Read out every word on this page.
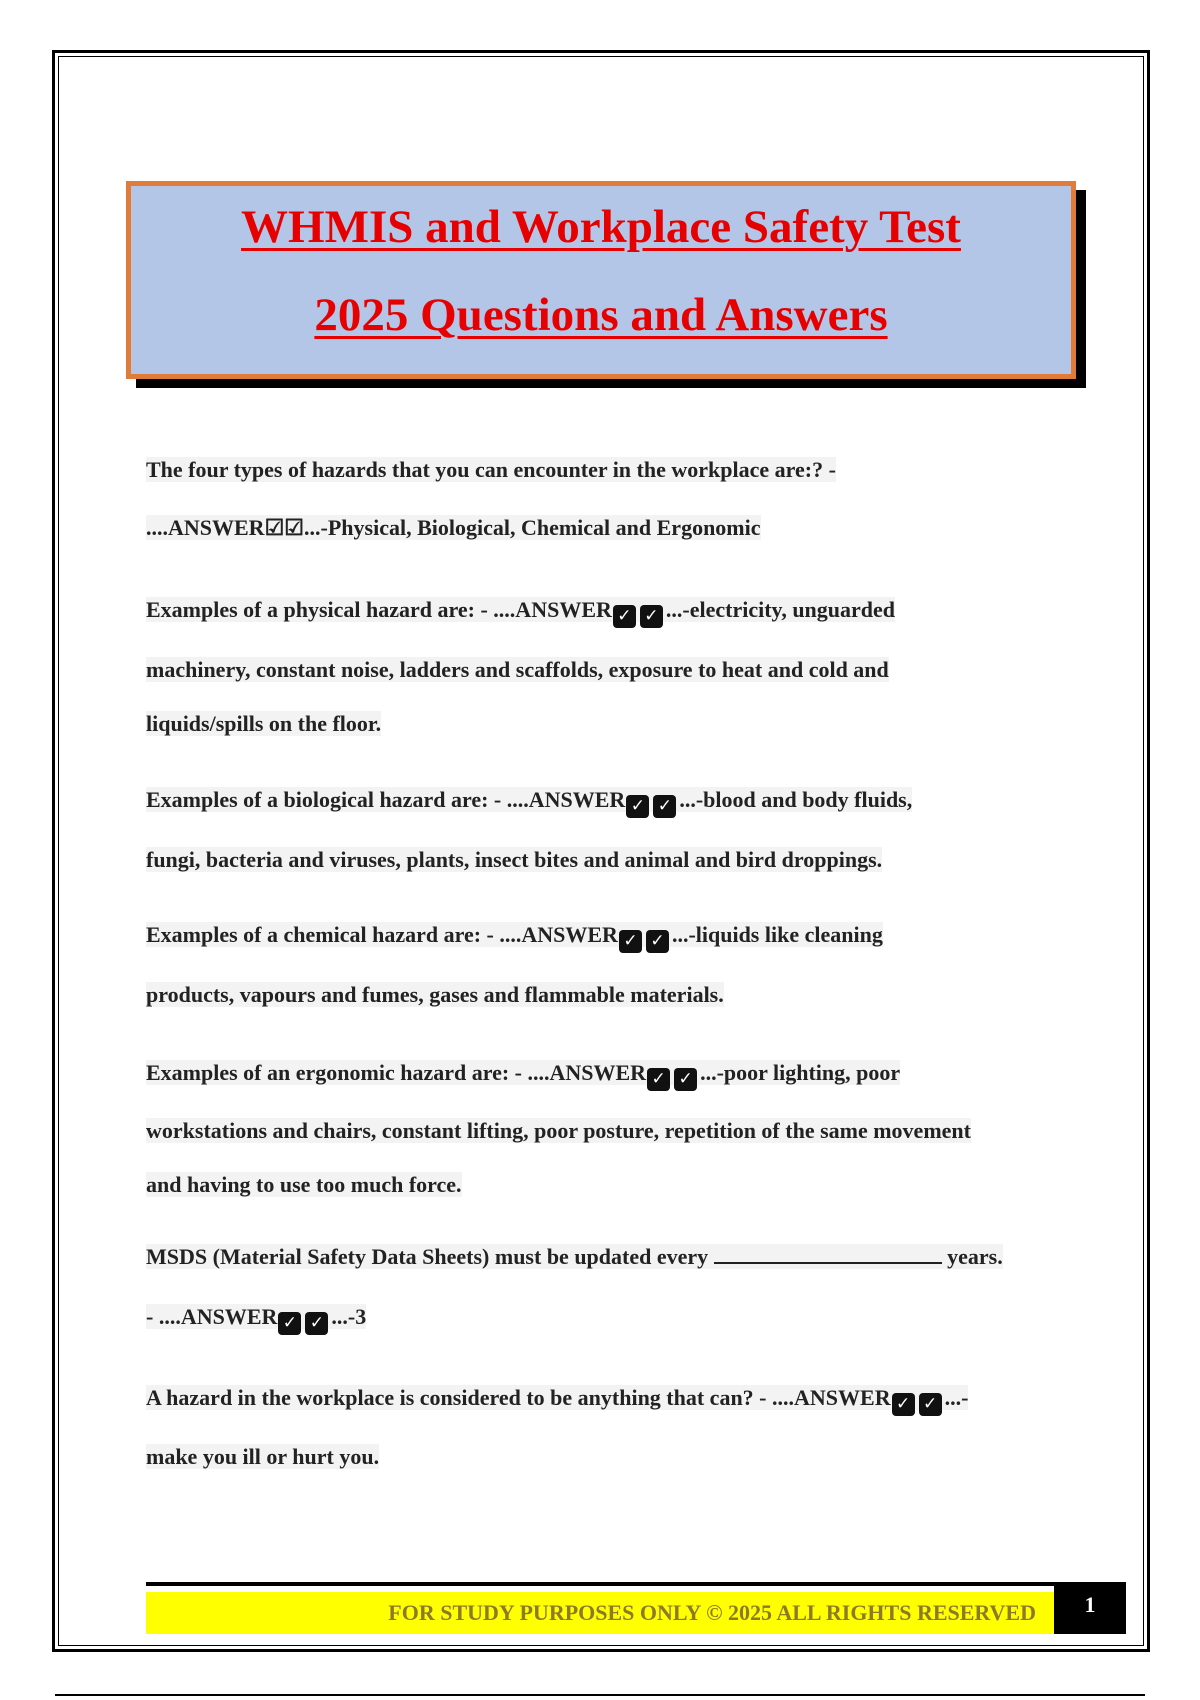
WHMIS and Workplace Safety Test
2025 Questions and Answers
The four types of hazards that you can encounter in the workplace are:? -
....ANSWER☑☑...-Physical, Biological, Chemical and Ergonomic
Examples of a physical hazard are: - ....ANSWER ✓ ✓ ...-electricity, unguarded
machinery, constant noise, ladders and scaffolds, exposure to heat and cold and
liquids/spills on the floor.
Examples of a biological hazard are: - ....ANSWER ✓ ✓ ...-blood and body fluids,
fungi, bacteria and viruses, plants, insect bites and animal and bird droppings.
Examples of a chemical hazard are: - ....ANSWER ✓ ✓ ...-liquids like cleaning
products, vapours and fumes, gases and flammable materials.
Examples of an ergonomic hazard are: - ....ANSWER ✓ ✓ ...-poor lighting, poor
workstations and chairs, constant lifting, poor posture, repetition of the same movement
and having to use too much force.
MSDS (Material Safety Data Sheets) must be updated every	years.
- ....ANSWER ✓ ✓ ...-3
A hazard in the workplace is considered to be anything that can? - ....ANSWER ✓ ✓ ...-
make you ill or hurt you.
FOR STUDY PURPOSES ONLY © 2025 ALL RIGHTS RESERVED	1
